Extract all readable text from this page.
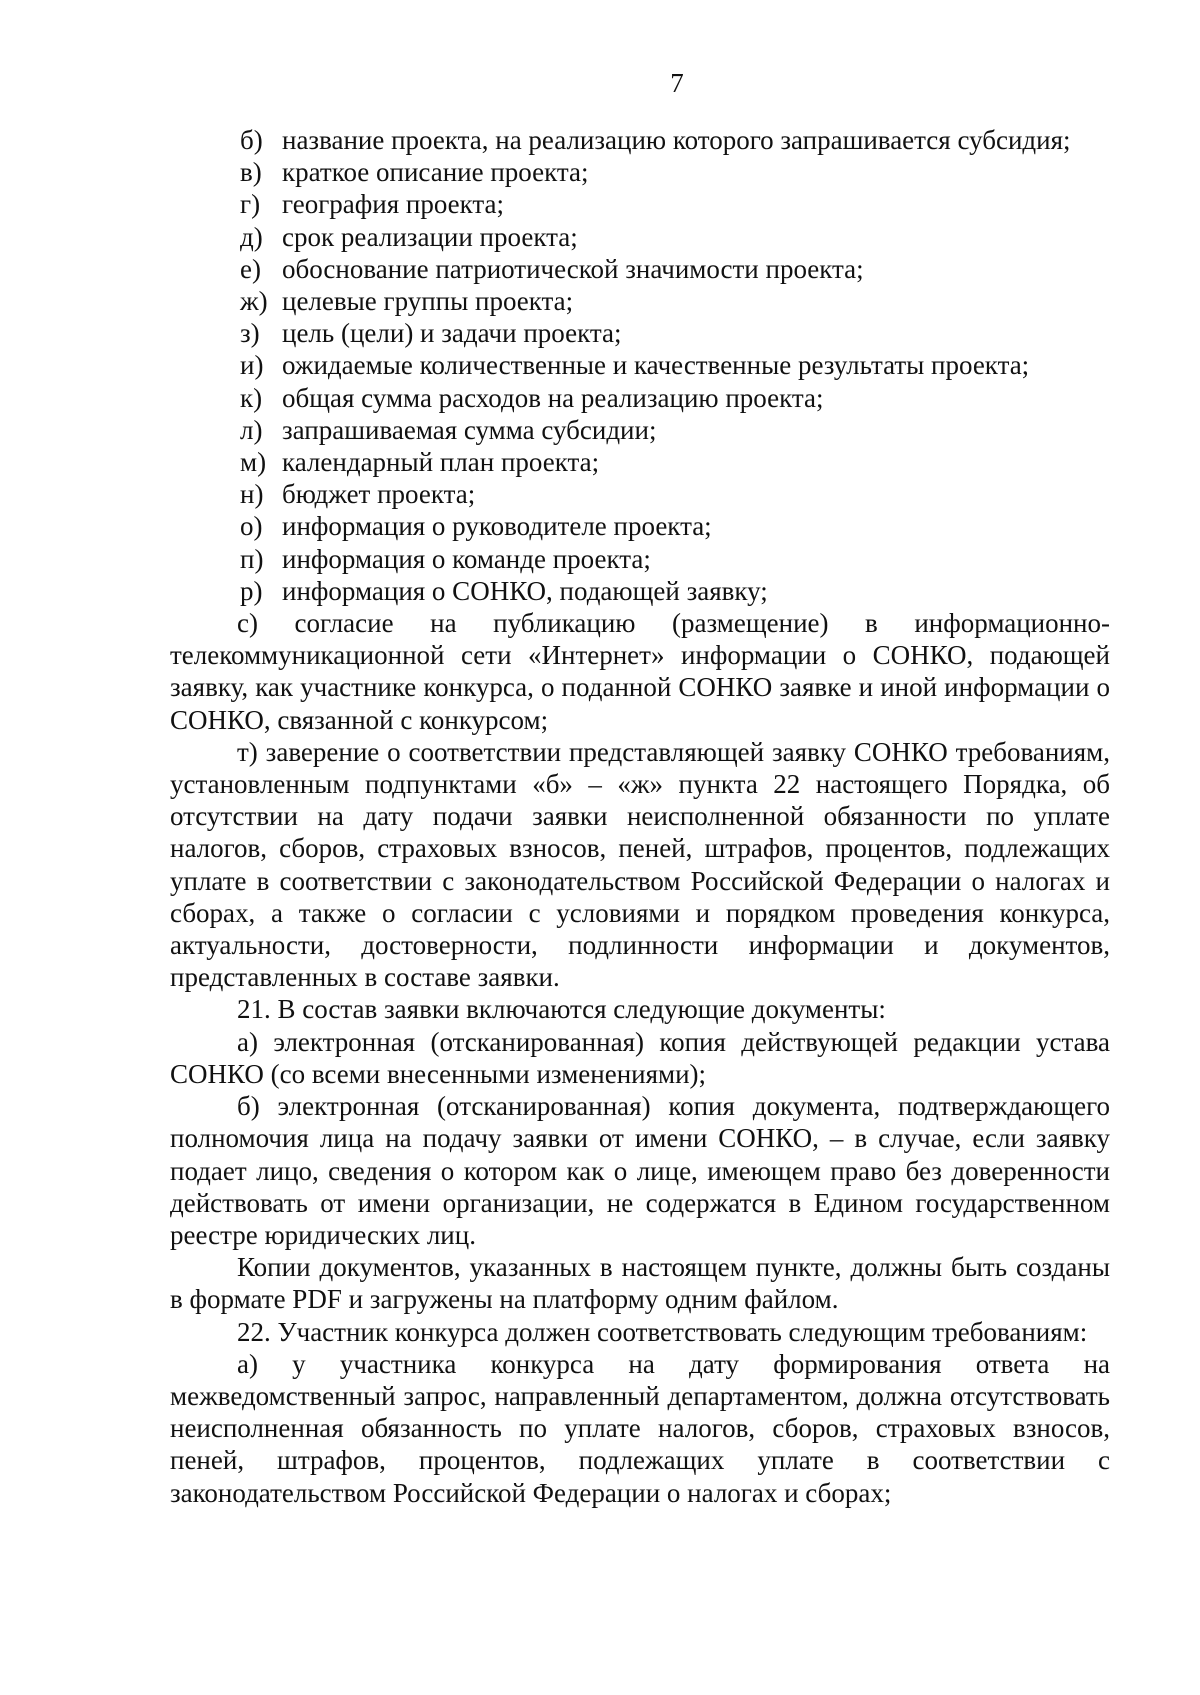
7
б) название проекта, на реализацию которого запрашивается субсидия;
в) краткое описание проекта;
г) география проекта;
д) срок реализации проекта;
е) обоснование патриотической значимости проекта;
ж) целевые группы проекта;
з) цель (цели) и задачи проекта;
и) ожидаемые количественные и качественные результаты проекта;
к) общая сумма расходов на реализацию проекта;
л) запрашиваемая сумма субсидии;
м) календарный план проекта;
н) бюджет проекта;
о) информация о руководителе проекта;
п) информация о команде проекта;
р) информация о СОНКО, подающей заявку;
с) согласие на публикацию (размещение) в информационно-телекоммуникационной сети «Интернет» информации о СОНКО, подающей заявку, как участнике конкурса, о поданной СОНКО заявке и иной информации о СОНКО, связанной с конкурсом;
т) заверение о соответствии представляющей заявку СОНКО требованиям, установленным подпунктами «б» – «ж» пункта 22 настоящего Порядка, об отсутствии на дату подачи заявки неисполненной обязанности по уплате налогов, сборов, страховых взносов, пеней, штрафов, процентов, подлежащих уплате в соответствии с законодательством Российской Федерации о налогах и сборах, а также о согласии с условиями и порядком проведения конкурса, актуальности, достоверности, подлинности информации и документов, представленных в составе заявки.
21. В состав заявки включаются следующие документы:
а) электронная (отсканированная) копия действующей редакции устава СОНКО (со всеми внесенными изменениями);
б) электронная (отсканированная) копия документа, подтверждающего полномочия лица на подачу заявки от имени СОНКО, – в случае, если заявку подает лицо, сведения о котором как о лице, имеющем право без доверенности действовать от имени организации, не содержатся в Едином государственном реестре юридических лиц.
Копии документов, указанных в настоящем пункте, должны быть созданы в формате PDF и загружены на платформу одним файлом.
22. Участник конкурса должен соответствовать следующим требованиям:
а) у участника конкурса на дату формирования ответа на межведомственный запрос, направленный департаментом, должна отсутствовать неисполненная обязанность по уплате налогов, сборов, страховых взносов, пеней, штрафов, процентов, подлежащих уплате в соответствии с законодательством Российской Федерации о налогах и сборах;
